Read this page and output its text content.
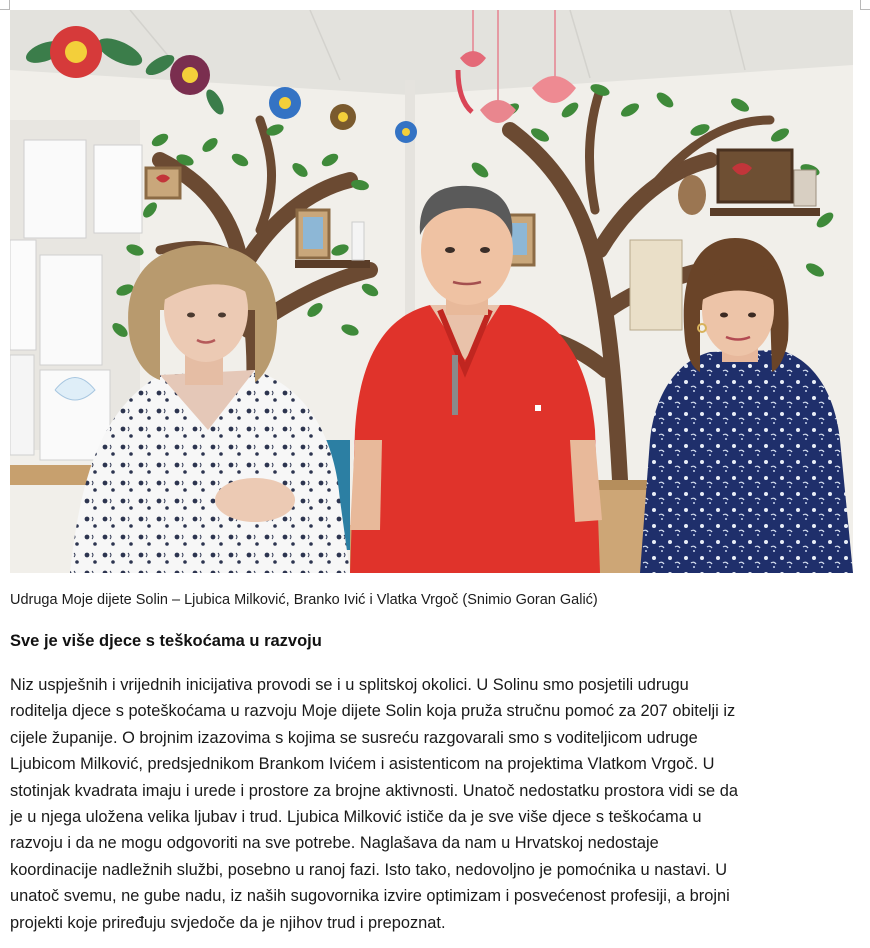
Udruga Moje dijete Solin – Ljubica Milković, Branko Ivić i Vlatka Vrgoč (Snimio Goran Galić)
Sve je više djece s teškoćama u razvoju
Niz uspješnih i vrijednih inicijativa provodi se i u splitskoj okolici. U Solinu smo posjetili udrugu
roditelja djece s poteškoćama u razvoju Moje dijete Solin koja pruža stručnu pomoć za 207 obitelji iz
cijele županije. O brojnim izazovima s kojima se susreću razgovarali smo s voditeljicom udruge
Ljubicom Milković, predsjednikom Brankom Ivićem i asistenticom na projektima Vlatkom Vrgoč. U
stotinjak kvadrata imaju i urede i prostore za brojne aktivnosti. Unatoč nedostatku prostora vidi se da
je u njega uložena velika ljubav i trud. Ljubica Milković ističe da je sve više djece s teškoćama u
razvoju i da ne mogu odgovoriti na sve potrebe. Naglašava da nam u Hrvatskoj nedostaje
koordinacije nadležnih službi, posebno u ranoj fazi. Isto tako, nedovoljno je pomoćnika u nastavi. U
unatoč svemu, ne gube nadu, iz naših sugovornika izvire optimizam i posvećenost profesiji, a brojni
projekti koje priređuju svjedoče da je njihov trud i prepoznat.
